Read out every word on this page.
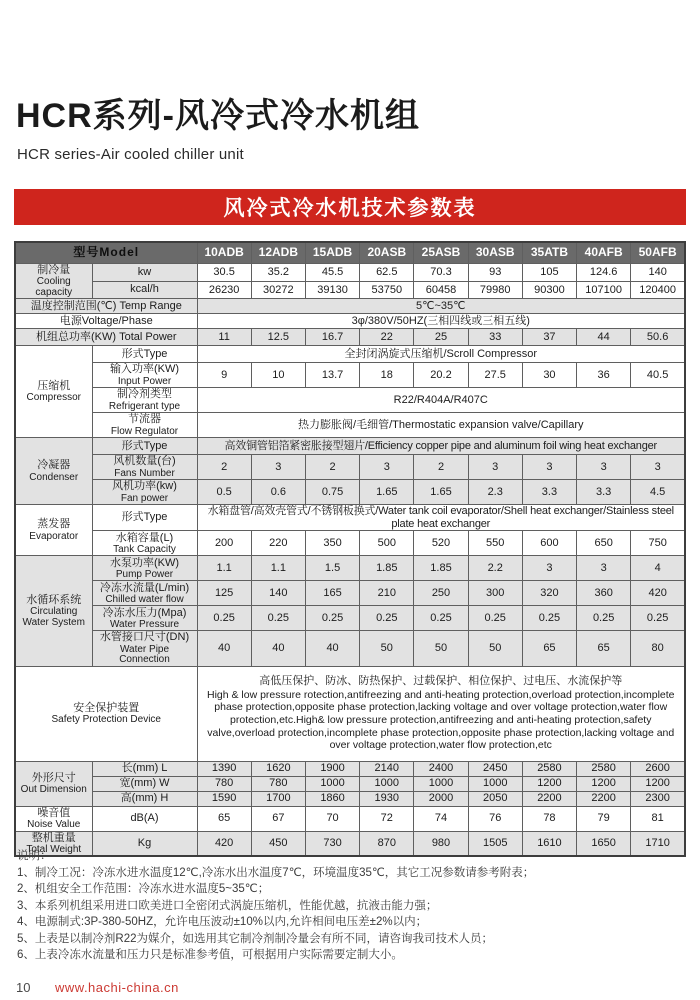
HCR系列-风冷式冷水机组
HCR series-Air cooled chiller unit
风冷式冷水机技术参数表
型号Model		10ADB	12ADB	15ADB	20ASB	25ASB	30ASB	35ATB	40AFB	50AFB

制冷量
Cooling capacity	kw	30.5	35.2	45.5	62.5	70.3	93	105	124.6	140

	kcal/h	26230	30272	39130	53750	60458	79980	90300	107100	120400

温度控制范围(℃) Temp Range		5℃~35℃								

电源Voltage/Phase		3φ/380V/50HZ(三相四线或三相五线)								

机组总功率(KW) Total Power		11	12.5	16.7	22	25	33	37	44	50.6

压缩机
Compressor	形式Type	全封闭涡旋式压缩机/Scroll Compressor								

	输入功率(KW)
Input Power	9	10	13.7	18	20.2	27.5	30	36	40.5

	制冷剂类型
Refrigerant type	R22/R404A/R407C								

	节流器
Flow Regulator	热力膨胀阀/毛细管/Thermostatic expansion valve/Capillary								

冷凝器
Condenser	形式Type	高效铜管铝箔紧密胀接型翅片/Efficiency copper pipe and aluminum foil wing heat exchanger								

	风机数量(台)
Fans Number	2	3	2	3	2	3	3	3	3

	风机功率(kw)
Fan power	0.5	0.6	0.75	1.65	1.65	2.3	3.3	3.3	4.5

蒸发器
Evaporator	形式Type	水箱盘管/高效壳管式/不锈钢板换式/Water tank coil evaporator/Shell heat exchanger/Stainless steel plate heat exchanger								

	水箱容量(L)
Tank Capacity	200	220	350	500	520	550	600	650	750

水循环系统
Circulating Water System	水泵功率(KW)
Pump Power	1.1	1.1	1.5	1.85	1.85	2.2	3	3	4

	冷冻水流量(L/min)
Chilled water flow	125	140	165	210	250	300	320	360	420

	冷冻水压力(Mpa)
Water Pressure	0.25	0.25	0.25	0.25	0.25	0.25	0.25	0.25	0.25

	水管接口尺寸(DN)
Water Pipe Connection	40	40	40	50	50	50	65	65	80

安全保护装置
Safety Protection Device		高低压保护、防冰、防热保护、过载保护、相位保护、过电压、水流保护等
High & low pressure rotection,antifreezing and anti-heating protection,overload protection,incomplete phase protection,opposite phase protection,lacking voltage and over voltage protection,water flow protection,etc.High& low pressure protection,antifreezing and anti-heating protection,safety valve,overload protection,incomplete phase protection,opposite phase protection,lacking voltage and over voltage protection,water flow protection,etc								

外形尺寸
Out Dimension	长(mm) L	1390	1620	1900	2140	2400	2450	2580	2580	2600

	宽(mm) W	780	780	1000	1000	1000	1000	1200	1200	1200

	高(mm) H	1590	1700	1860	1930	2000	2050	2200	2200	2300

噪音值
Noise Value	dB(A)	65	67	70	72	74	76	78	79	81

整机重量
Total Weight	Kg	420	450	730	870	980	1505	1610	1650	1710

说明：

1、制冷工况：冷冻水进水温度12℃,冷冻水出水温度7℃，环境温度35℃，其它工况参数请参考附表；

2、机组安全工作范围：冷冻水进水温度5~35℃；

3、本系列机组采用进口欧美进口全密闭式涡旋压缩机，性能优越，抗液击能力强；

4、电源制式:3P-380-50HZ，允许电压波动±10%以内,允许相间电压差±2%以内；

5、上表是以制冷剂R22为媒介，如选用其它制冷剂制冷量会有所不同，请咨询我司技术人员；

6、上表冷冻水流量和压力只是标准参考值，可根据用户实际需要定制大小。

10 www.hachi-china.cn
